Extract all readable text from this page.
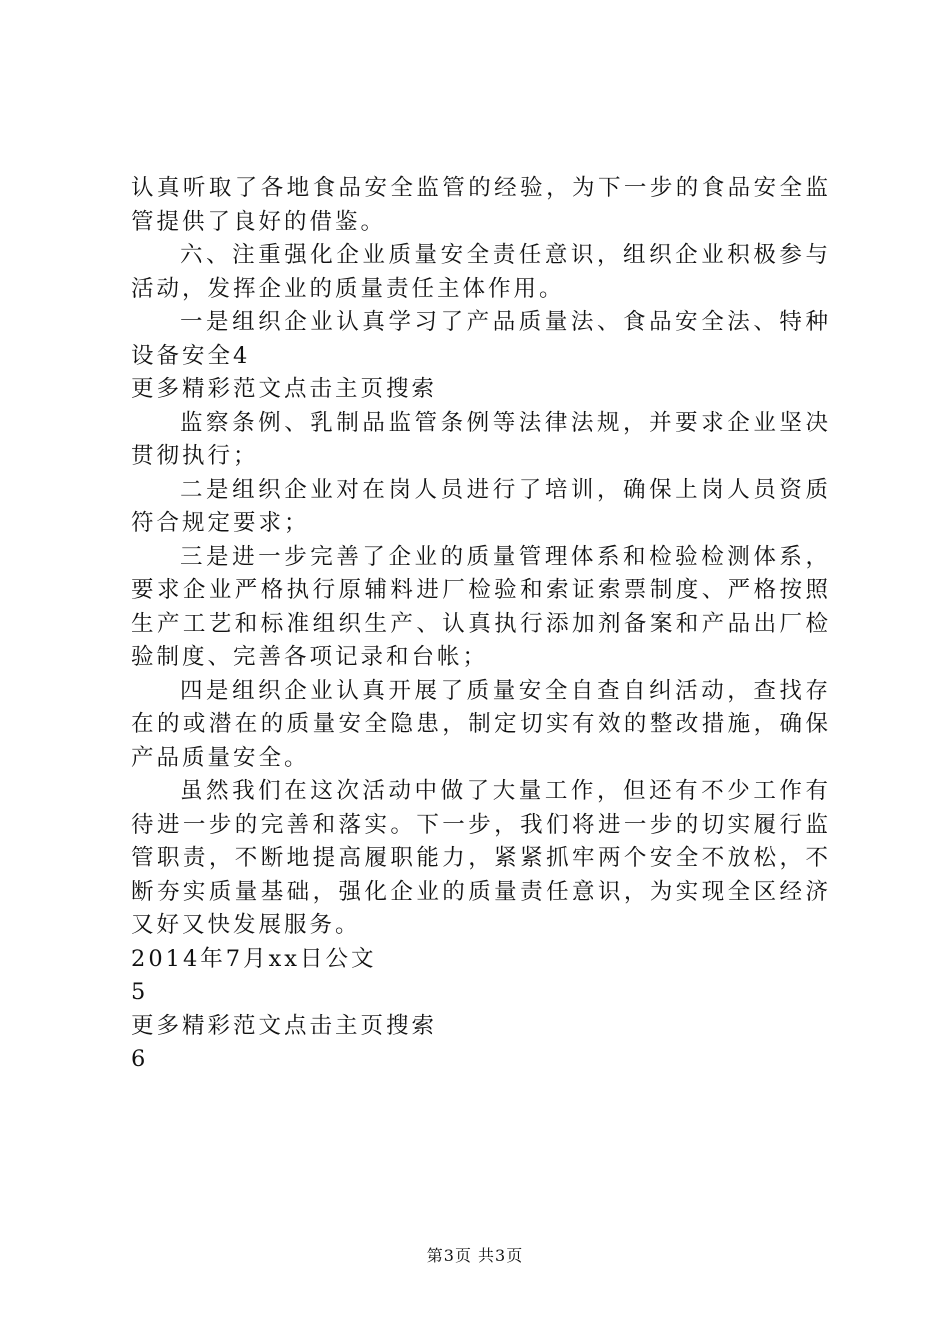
认真听取了各地食品安全监管的经验，为下一步的食品安全监管提供了良好的借鉴。

六、注重强化企业质量安全责任意识，组织企业积极参与活动，发挥企业的质量责任主体作用。

一是组织企业认真学习了产品质量法、食品安全法、特种设备安全4

更多精彩范文点击主页搜索

监察条例、乳制品监管条例等法律法规，并要求企业坚决贯彻执行；

二是组织企业对在岗人员进行了培训，确保上岗人员资质符合规定要求；

三是进一步完善了企业的质量管理体系和检验检测体系，要求企业严格执行原辅料进厂检验和索证索票制度、严格按照生产工艺和标准组织生产、认真执行添加剂备案和产品出厂检验制度、完善各项记录和台帐；

四是组织企业认真开展了质量安全自查自纠活动，查找存在的或潜在的质量安全隐患，制定切实有效的整改措施，确保产品质量安全。

虽然我们在这次活动中做了大量工作，但还有不少工作有待进一步的完善和落实。下一步，我们将进一步的切实履行监管职责，不断地提高履职能力，紧紧抓牢两个安全不放松，不断夯实质量基础，强化企业的质量责任意识，为实现全区经济又好又快发展服务。

2014年7月xx日公文

5

更多精彩范文点击主页搜索

6

第3页 共3页
